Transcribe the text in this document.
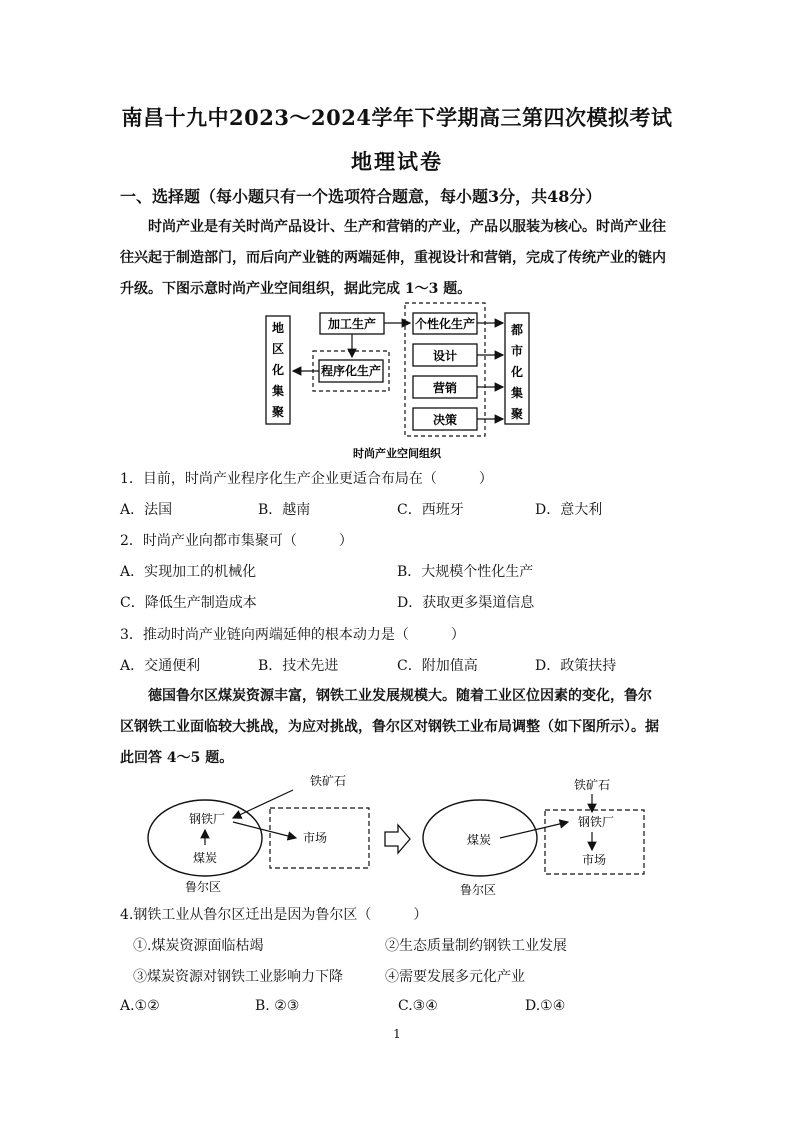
南昌十九中2023～2024学年下学期高三第四次模拟考试
地理试卷
一、选择题（每小题只有一个选项符合题意，每小题3分，共48分）
时尚产业是有关时尚产品设计、生产和营销的产业，产品以服装为核心。时尚产业往
往兴起于制造部门，而后向产业链的两端延伸，重视设计和营销，完成了传统产业的链内
升级。下图示意时尚产业空间组织，据此完成 1～3 题。
地
区
化
集
聚
加工生产
程序化生产
个性化生产
设计
营销
决策
都
市
化
集
聚
时尚产业空间组织
1．目前，时尚产业程序化生产企业更适合布局在（　　　）
A．法国	B．越南	C．西班牙	D．意大利
2．时尚产业向都市集聚可（　　　）
A．实现加工的机械化	B．大规模个性化生产
C．降低生产制造成本	D．获取更多渠道信息
3．推动时尚产业链向两端延伸的根本动力是（　　　）
A．交通便利	B．技术先进	C．附加值高	D．政策扶持
德国鲁尔区煤炭资源丰富，钢铁工业发展规模大。随着工业区位因素的变化，鲁尔
区钢铁工业面临较大挑战，为应对挑战，鲁尔区对钢铁工业布局调整（如下图所示）。据
此回答 4～5 题。
铁矿石
钢铁厂
煤炭
市场
鲁尔区
煤炭
铁矿石
钢铁厂
市场
鲁尔区
4.钢铁工业从鲁尔区迁出是因为鲁尔区（　　　）
①.煤炭资源面临枯竭	②生态质量制约钢铁工业发展
③煤炭资源对钢铁工业影响力下降	④需要发展多元化产业
A.①②	B. ②③	C.③④	D.①④
1
